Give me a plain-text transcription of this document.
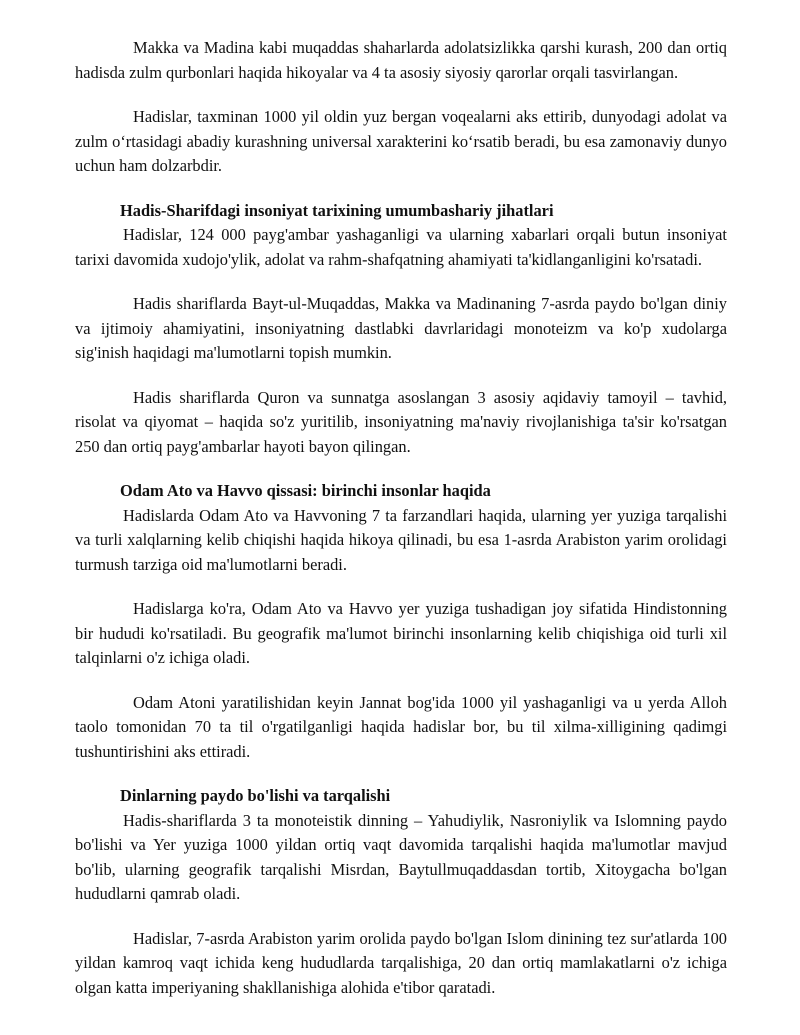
Makka va Madina kabi muqaddas shaharlarda adolatsizlikka qarshi kurash, 200 dan ortiq hadisda zulm qurbonlari haqida hikoyalar va 4 ta asosiy siyosiy qarorlar orqali tasvirlangan.

Hadislar, taxminan 1000 yil oldin yuz bergan voqealarni aks ettirib, dunyodagi adolat va zulm oʻrtasidagi abadiy kurashning universal xarakterini koʻrsatib beradi, bu esa zamonaviy dunyo uchun ham dolzarbdir.

Hadis-Sharifdagi insoniyat tarixining umumbashariy jihatlari

Hadislar, 124 000 payg'ambar yashaganligi va ularning xabarlari orqali butun insoniyat tarixi davomida xudojo'ylik, adolat va rahm-shafqatning ahamiyati ta'kidlanganligini ko'rsatadi.

Hadis shariflarda Bayt-ul-Muqaddas, Makka va Madinaning 7-asrda paydo bo'lgan diniy va ijtimoiy ahamiyatini, insoniyatning dastlabki davrlaridagi monoteizm va ko'p xudolarga sig'inish haqidagi ma'lumotlarni topish mumkin.

Hadis shariflarda Quron va sunnatga asoslangan 3 asosiy aqidaviy tamoyil – tavhid, risolat va qiyomat – haqida so'z yuritilib, insoniyatning ma'naviy rivojlanishiga ta'sir ko'rsatgan 250 dan ortiq payg'ambarlar hayoti bayon qilingan.

Odam Ato va Havvo qissasi: birinchi insonlar haqida

Hadislarda Odam Ato va Havvoning 7 ta farzandlari haqida, ularning yer yuziga tarqalishi va turli xalqlarning kelib chiqishi haqida hikoya qilinadi, bu esa 1-asrda Arabiston yarim orolidagi turmush tarziga oid ma'lumotlarni beradi.

Hadislarga ko'ra, Odam Ato va Havvo yer yuziga tushadigan joy sifatida Hindistonning bir hududi ko'rsatiladi. Bu geografik ma'lumot birinchi insonlarning kelib chiqishiga oid turli xil talqinlarni o'z ichiga oladi.

Odam Atoni yaratilishidan keyin Jannat bog'ida 1000 yil yashaganligi va u yerda Alloh taolo tomonidan 70 ta til o'rgatilganligi haqida hadislar bor, bu til xilma-xilligining qadimgi tushuntirishini aks ettiradi.

Dinlarning paydo bo'lishi va tarqalishi

Hadis-shariflarda 3 ta monoteistik dinning – Yahudiylik, Nasroniylik va Islomning paydo bo'lishi va Yer yuziga 1000 yildan ortiq vaqt davomida tarqalishi haqida ma'lumotlar mavjud bo'lib, ularning geografik tarqalishi Misrdan, Baytullmuqaddasdan tortib, Xitoygacha bo'lgan hududlarni qamrab oladi.

Hadislar, 7-asrda Arabiston yarim orolida paydo bo'lgan Islom dinining tez sur'atlarda 100 yildan kamroq vaqt ichida keng hududlarda tarqalishiga, 20 dan ortiq mamlakatlarni o'z ichiga olgan katta imperiyaning shakllanishiga alohida e'tibor qaratadi.
